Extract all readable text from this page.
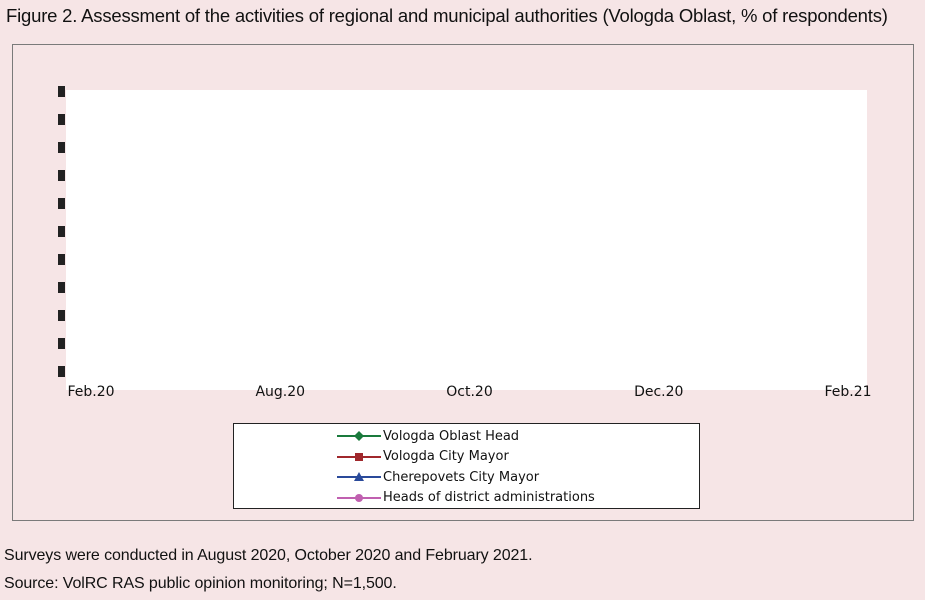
Figure 2. Assessment of the activities of regional and municipal authorities (Vologda Oblast, % of respondents)
Feb.20	Aug.20	Oct.20	Dec.20	Feb.21
Vologda Oblast Head
Vologda City Mayor
Cherepovets City Mayor
Heads of district administrations
Surveys were conducted in August 2020, October 2020 and February 2021.
Source: VolRC RAS public opinion monitoring; N=1,500.
